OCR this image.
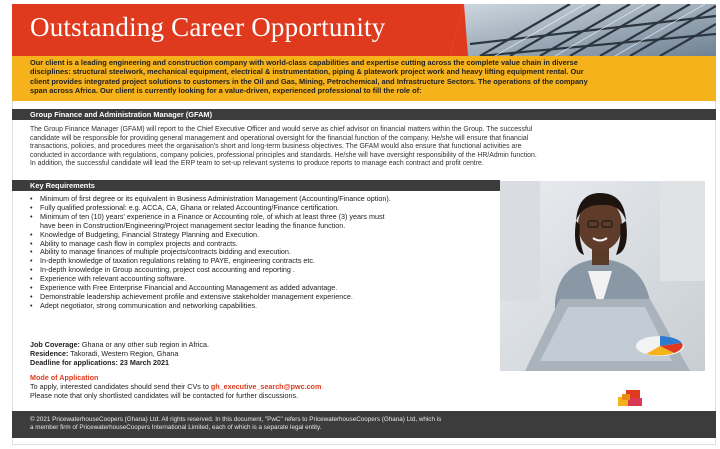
Outstanding Career Opportunity
Our client is a leading engineering and construction company with world-class capabilities and expertise cutting across the complete value chain in diverse
disciplines: structural steelwork, mechanical equipment, electrical & instrumentation, piping & platework project work and heavy lifting equipment rental. Our
client provides integrated project solutions to customers in the Oil and Gas, Mining, Petrochemical, and Infrastructure Sectors. The operations of the company
span across Africa. Our client is currently looking for a value-driven, experienced professional to fill the role of:
Group Finance and Administration Manager (GFAM)
The Group Finance Manager (GFAM) will report to the Chief Executive Officer and would serve as chief advisor on financial matters within the Group. The successful
candidate will be responsible for providing general management and operational oversight for the financial function of the company. He/she will ensure that financial
transactions, policies, and procedures meet the organisation's short and long-term business objectives. The GFAM would also ensure that functional activities are
conducted in accordance with regulations, company policies, professional principles and standards. He/she will have oversight responsibility of the HR/Admin function.
In addition, the successful candidate will lead the ERP team to set-up relevant systems to produce reports to manage each contract and profit centre.
Key Requirements
• Minimum of first degree or its equivalent in Business Administration Management (Accounting/Finance option).
• Fully qualified professional: e.g. ACCA, CA, Ghana or related Accounting/Finance certification.
• Minimum of ten (10) years' experience in a Finance or Accounting role, of which at least three (3) years must
have been in Construction/Engineering/Project management sector leading the finance function.
• Knowledge of Budgeting, Financial Strategy Planning and Execution.
• Ability to manage cash flow in complex projects and contracts.
• Ability to manage finances of multiple projects/contracts bidding and execution.
• In-depth knowledge of taxation regulations relating to PAYE, engineering contracts etc.
• In-depth knowledge in Group accounting, project cost accounting and reporting .
• Experience with relevant accounting software.
• Experience with Free Enterprise Financial and Accounting Management as added advantage.
• Demonstrable leadership achievement profile and extensive stakeholder management experience.
• Adept negotiator, strong communication and networking capabilities.
Job Coverage: Ghana or any other sub region in Africa.
Residence: Takoradi, Western Region, Ghana
Deadline for applications: 23 March 2021
Mode of Application
To apply, interested candidates should send their CVs to gh_executive_search@pwc.com
Please note that only shortlisted candidates will be contacted for further discussions.
© 2021 PricewaterhouseCoopers (Ghana) Ltd. All rights reserved. In this document, "PwC" refers to PricewaterhouseCoopers (Ghana) Ltd, which is
a member firm of PricewaterhouseCoopers International Limited, each of which is a separate legal entity.
